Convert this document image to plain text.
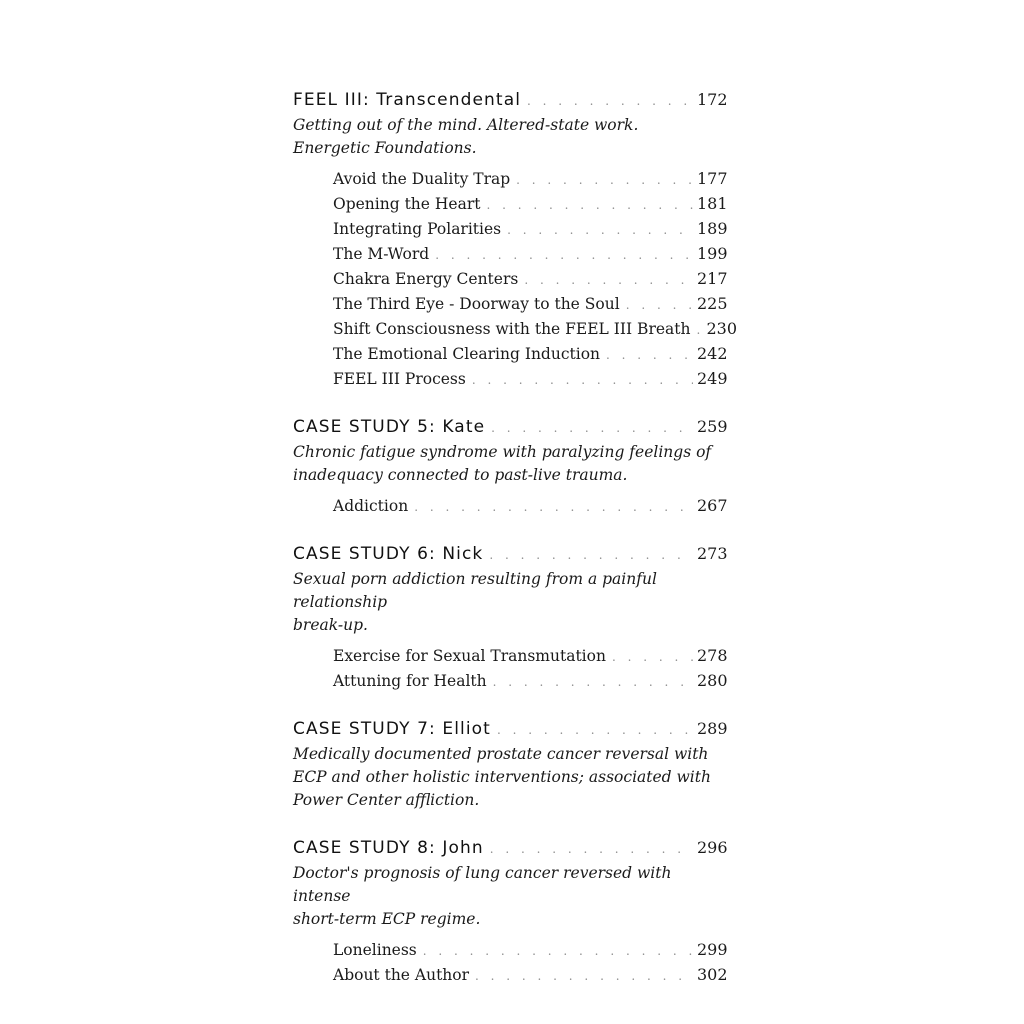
FEEL III: Transcendental . . .	172

Getting out of the mind. Altered-state work.
Energetic Foundations.

Avoid the Duality Trap . . .	177
Opening the Heart . . .	181
Integrating Polarities . . .	189
The M-Word . . .	199
Chakra Energy Centers . . .	217
The Third Eye - Doorway to the Soul . . .	225
Shift Consciousness with the FEEL III Breath . . . 230
The Emotional Clearing Induction . . .	242
FEEL III Process . . .	249
CASE STUDY 5: Kate . . .	259

Chronic fatigue syndrome with paralyzing feelings of
inadequacy connected to past-live trauma.

Addiction . . .	267
CASE STUDY 6: Nick . . .	273

Sexual porn addiction resulting from a painful relationship
break-up.

Exercise for Sexual Transmutation . . .	278
Attuning for Health . . .	280
CASE STUDY 7: Elliot . . .	289

Medically documented prostate cancer reversal with
ECP and other holistic interventions; associated with
Power Center affliction.

CASE STUDY 8: John . . .	296

Doctor's prognosis of lung cancer reversed with intense
short-term ECP regime.

Loneliness . . .	299
About the Author . . .	302
